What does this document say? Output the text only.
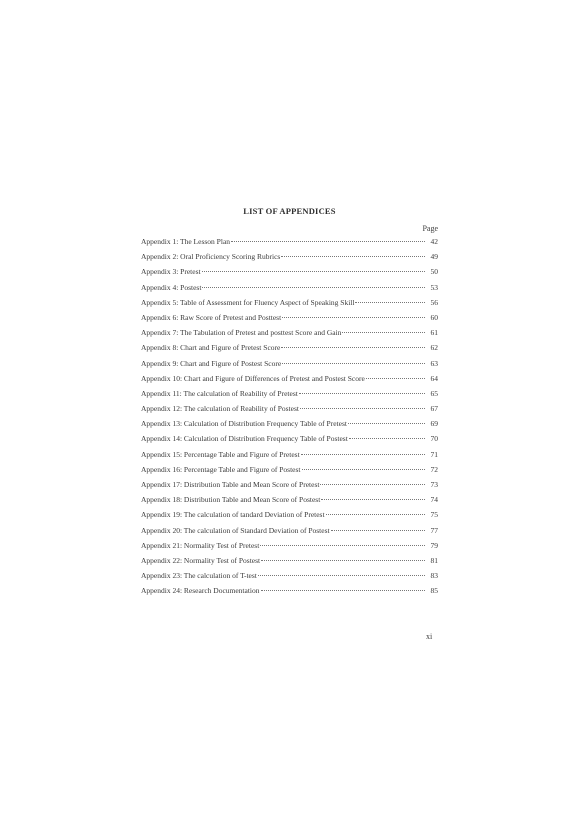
LIST OF APPENDICES
Page
Appendix 1: The Lesson Plan	42
Appendix 2: Oral Proficiency Scoring Rubrics	49
Appendix 3: Pretest	50
Appendix 4: Postest	53
Appendix 5: Table of Assessment for Fluency Aspect of Speaking Skill	56
Appendix 6: Raw Score of Pretest and Posttest	60
Appendix 7: The Tabulation of Pretest and posttest Score and Gain	61
Appendix 8: Chart and Figure of Pretest Score	62
Appendix 9: Chart and Figure of Postest Score	63
Appendix 10: Chart and Figure of Differences of Pretest and Postest Score	64
Appendix 11: The calculation of Reability of Pretest	65
Appendix 12: The calculation of Reability of Postest	67
Appendix 13: Calculation of Distribution Frequency Table of Pretest	69
Appendix 14: Calculation of Distribution Frequency Table of Postest	70
Appendix 15: Percentage Table and Figure of Pretest	71
Appendix 16: Percentage Table and Figure of Postest	72
Appendix 17: Distribution Table and Mean Score of Pretest	73
Appendix 18: Distribution Table and Mean Score of Postest	74
Appendix 19: The calculation of tandard Deviation of Pretest	75
Appendix 20: The calculation of Standard Deviation of Postest	77
Appendix 21: Normality Test of Pretest	79
Appendix 22: Normality Test of Postest	81
Appendix 23: The calculation of T-test	83
Appendix 24: Research Documentation	85
xi
